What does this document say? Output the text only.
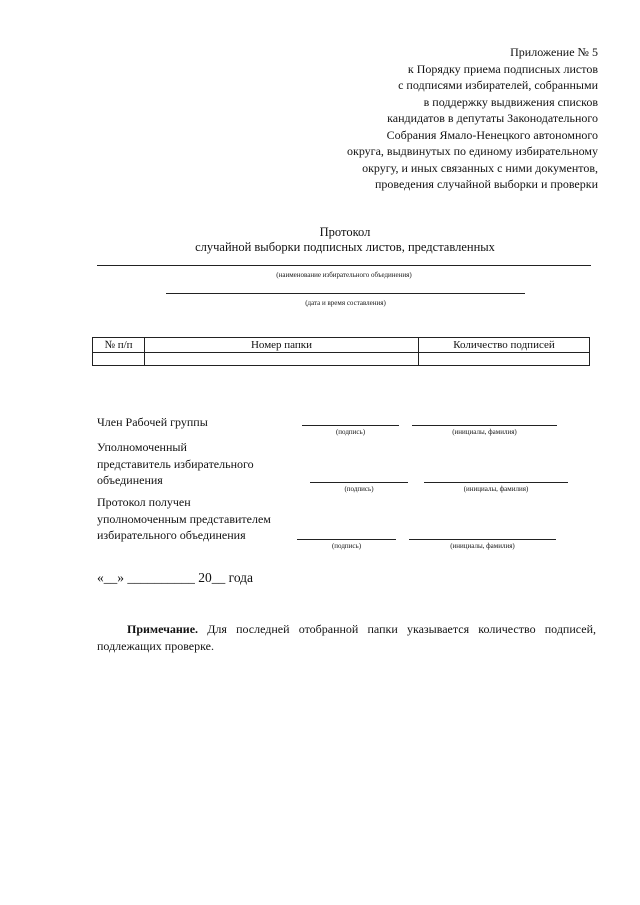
Приложение № 5
к Порядку приема подписных листов
с подписями избирателей, собранными
в поддержку выдвижения списков
кандидатов в депутаты Законодательного
Собрания Ямало-Ненецкого автономного
округа, выдвинутых по единому избирательному
округу, и иных связанных с ними документов,
проведения случайной выборки и проверки
Протокол
случайной выборки подписных листов, представленных
(наименование избирательного объединения)
(дата и время составления)
№ п/п	Номер папки	Количество подписей

Член Рабочей группы
(подпись)	(инициалы, фамилия)
Уполномоченный
представитель избирательного
объединения
(подпись)	(инициалы, фамилия)
Протокол получен
уполномоченным представителем
избирательного объединения
(подпись)	(инициалы, фамилия)
«__» __________ 20__ года
Примечание. Для последней отобранной папки указывается количество подписей, подлежащих проверке.
